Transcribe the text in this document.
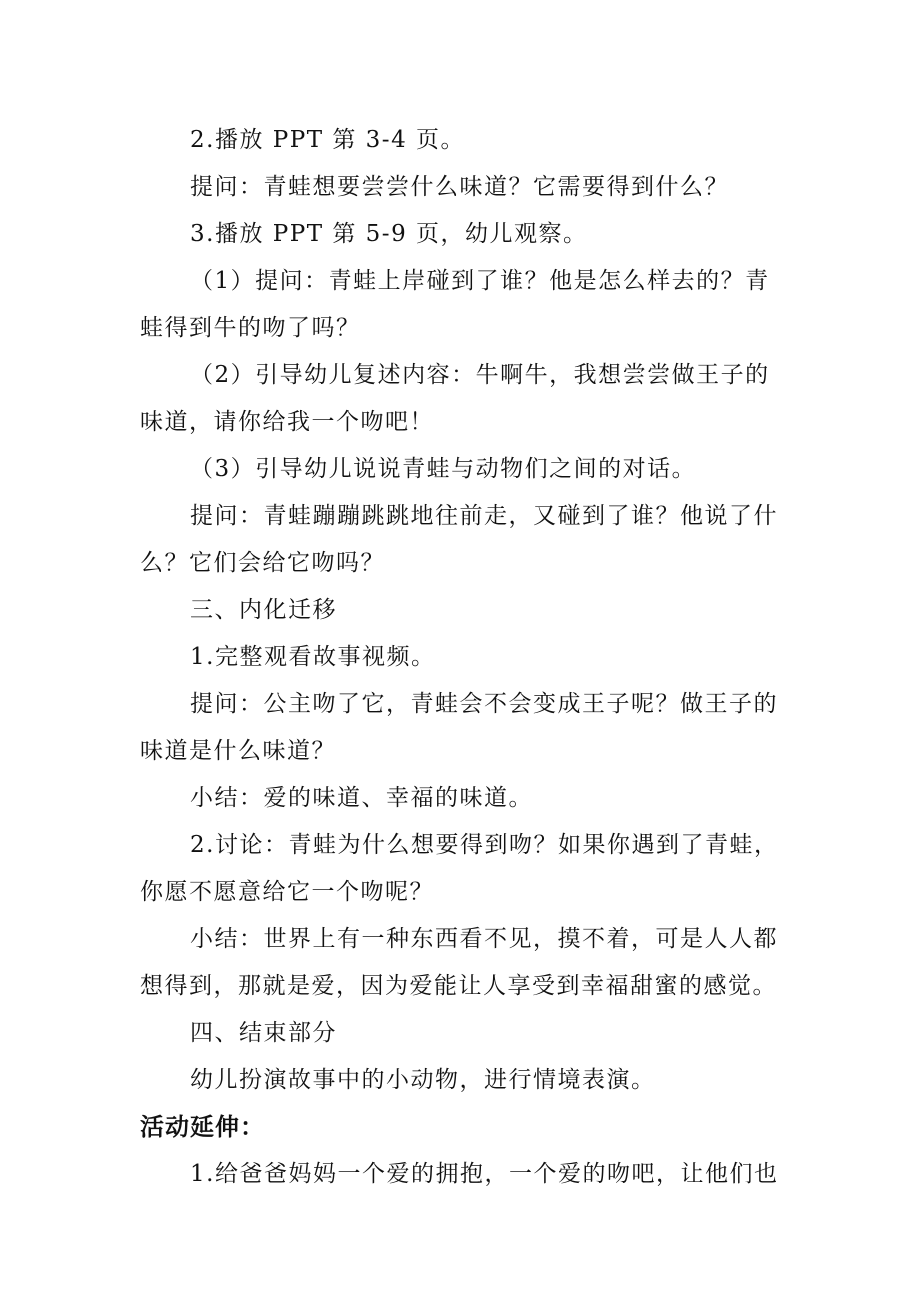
2.播放 PPT 第 3-4 页。
提问：青蛙想要尝尝什么味道？它需要得到什么？
3.播放 PPT 第 5-9 页，幼儿观察。
（1）提问：青蛙上岸碰到了谁？他是怎么样去的？青
蛙得到牛的吻了吗？
（2）引导幼儿复述内容：牛啊牛，我想尝尝做王子的
味道，请你给我一个吻吧！
（3）引导幼儿说说青蛙与动物们之间的对话。
提问：青蛙蹦蹦跳跳地往前走，又碰到了谁？他说了什
么？它们会给它吻吗？
三、内化迁移
1.完整观看故事视频。
提问：公主吻了它，青蛙会不会变成王子呢？做王子的
味道是什么味道？
小结：爱的味道、幸福的味道。
2.讨论：青蛙为什么想要得到吻？如果你遇到了青蛙，
你愿不愿意给它一个吻呢？
小结：世界上有一种东西看不见，摸不着，可是人人都
想得到，那就是爱，因为爱能让人享受到幸福甜蜜的感觉。
四、结束部分
幼儿扮演故事中的小动物，进行情境表演。
活动延伸：
1.给爸爸妈妈一个爱的拥抱，一个爱的吻吧，让他们也
